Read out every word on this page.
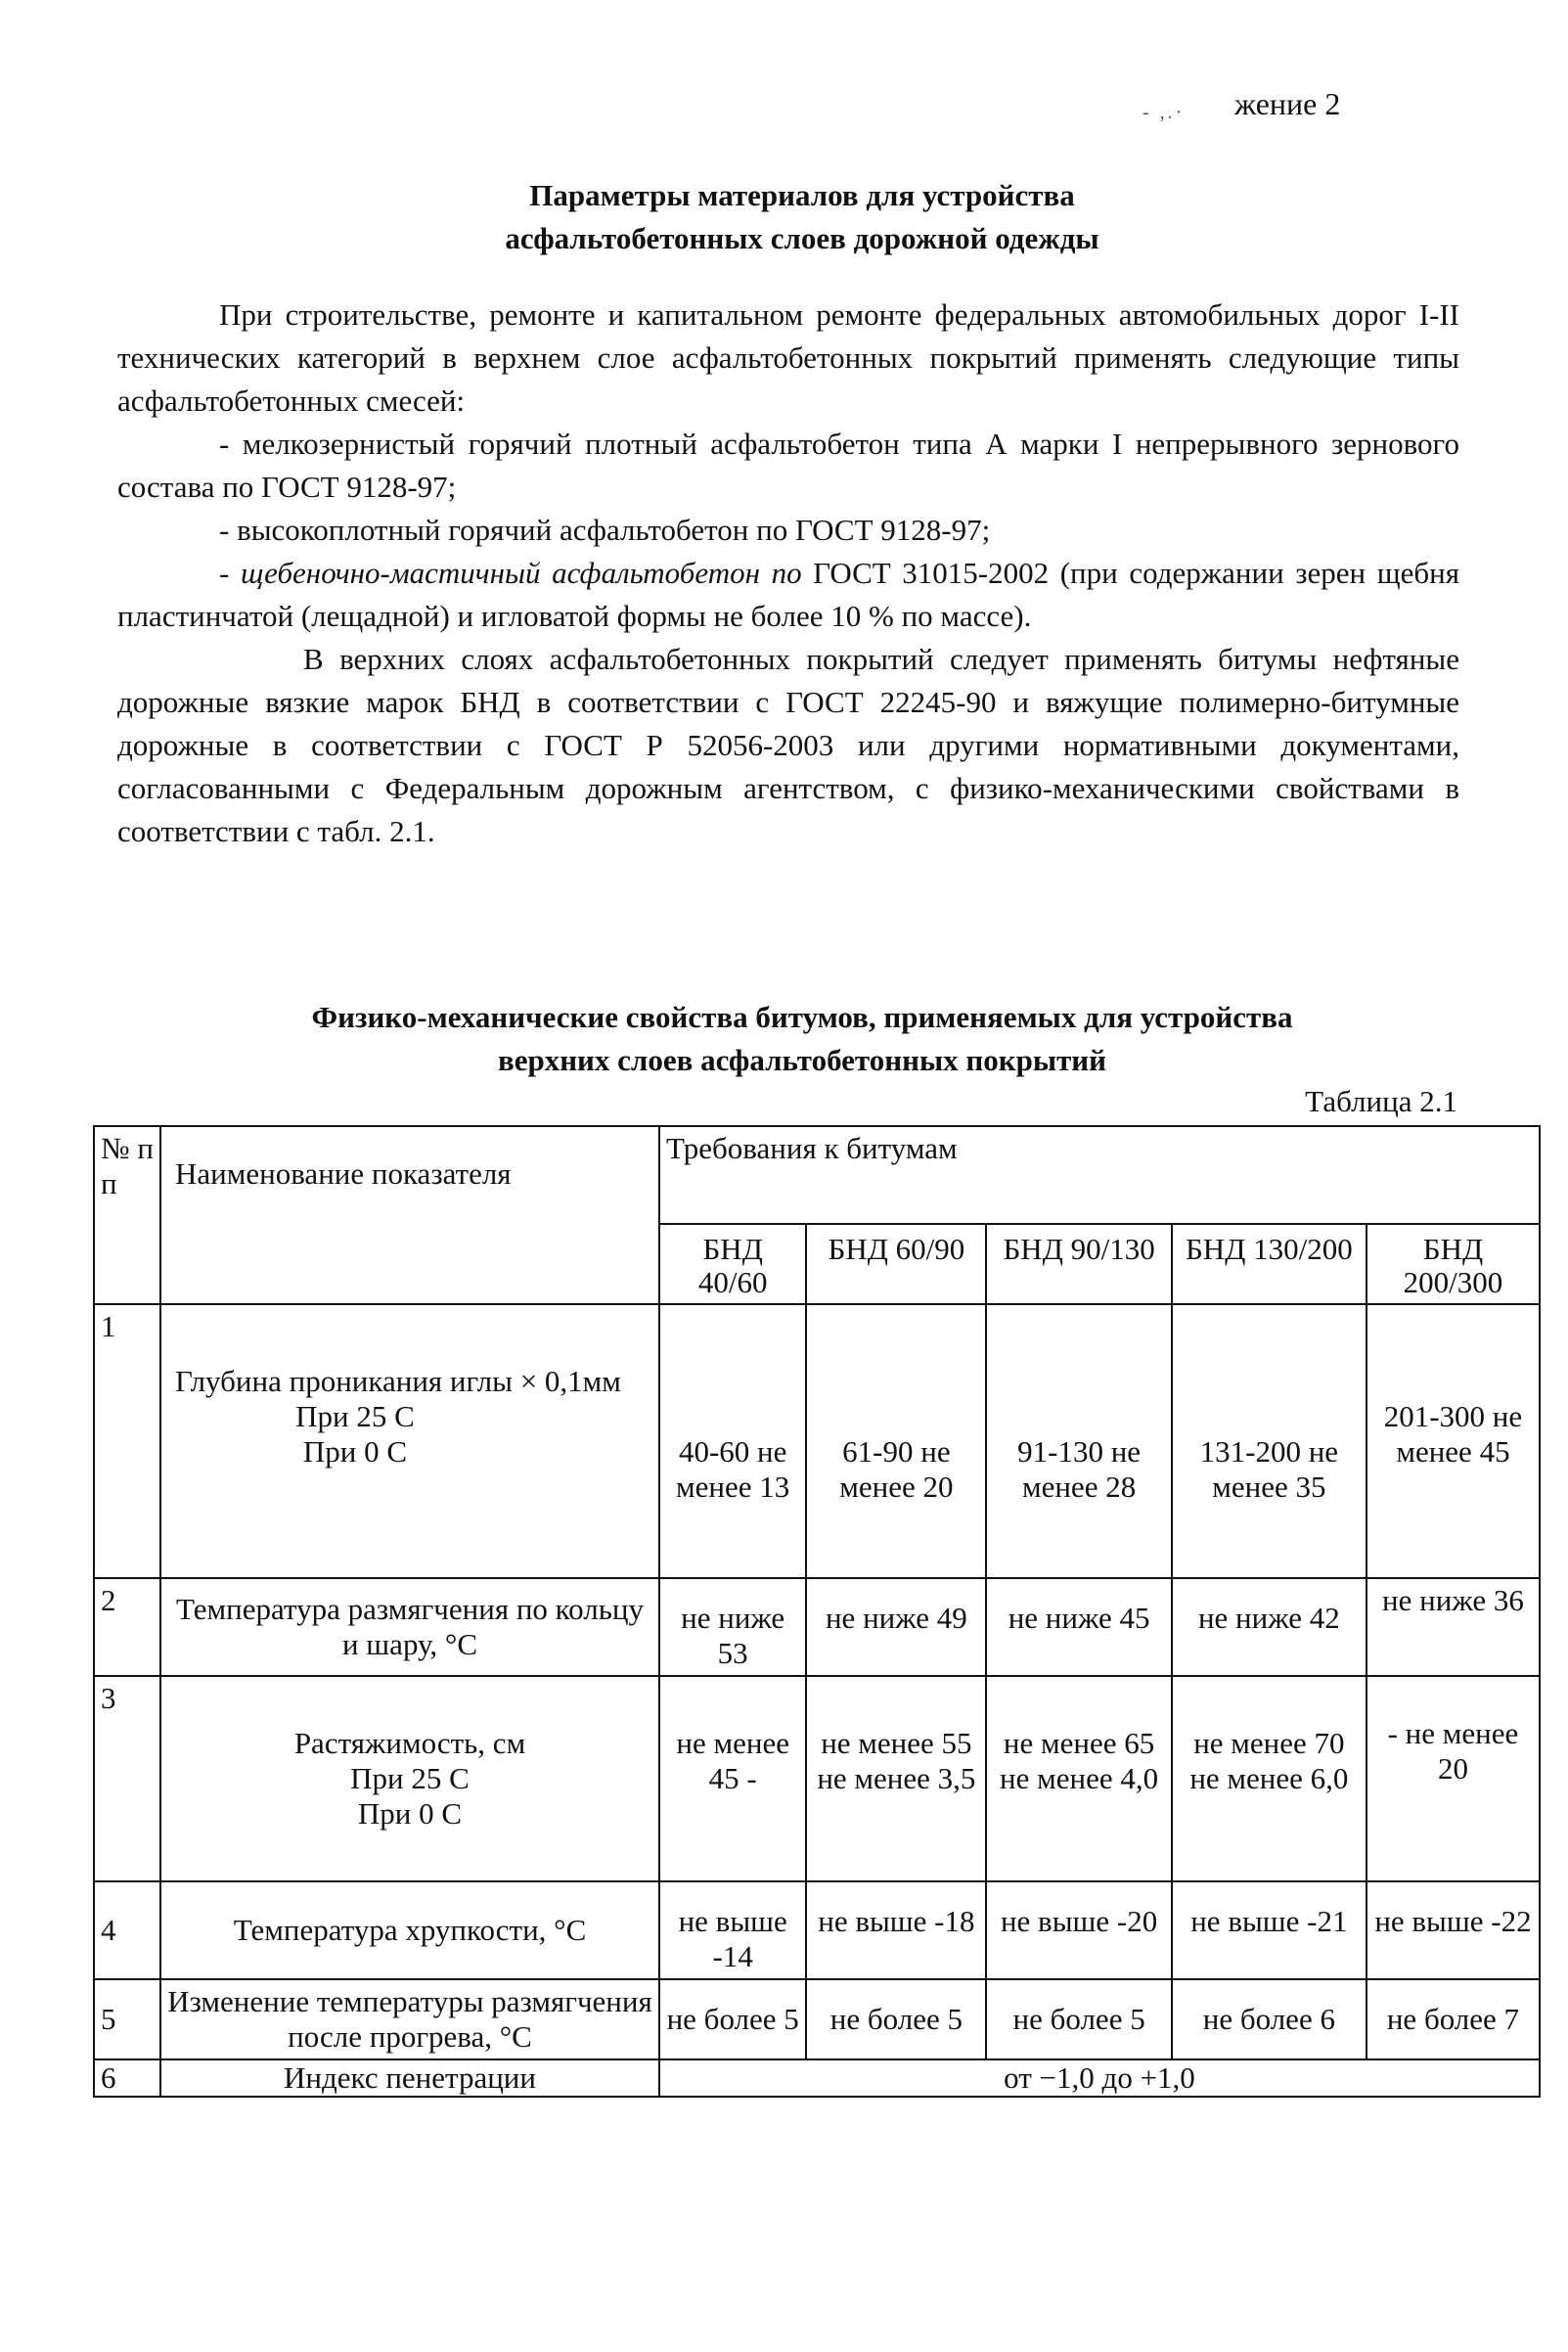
- ,.· жение 2
Параметры материалов для устройства
асфальтобетонных слоев дорожной одежды

При строительстве, ремонте и капитальном ремонте федеральных автомобильных дорог I-II технических категорий в верхнем слое асфальтобетонных покрытий применять следующие типы асфальтобетонных смесей:

- мелкозернистый горячий плотный асфальтобетон типа А марки I непрерывного зернового состава по ГОСТ 9128-97;

- высокоплотный горячий асфальтобетон по ГОСТ 9128-97;

- щебеночно-мастичный асфальтобетон по ГОСТ 31015-2002 (при содержании зерен щебня пластинчатой (лещадной) и игловатой формы не более 10 % по массе).

В верхних слоях асфальтобетонных покрытий следует применять битумы нефтяные дорожные вязкие марок БНД в соответствии с ГОСТ 22245-90 и вяжущие полимерно-битумные дорожные в соответствии с ГОСТ Р 52056-2003 или другими нормативными документами, согласованными с Федеральным дорожным агентством, с физико-механическими свойствами в соответствии с табл. 2.1.

Физико-механические свойства битумов, применяемых для устройства
верхних слоев асфальтобетонных покрытий
Таблица 2.1
№ п п	Наименование показателя	Требования к битумам				
		БНД 40/60	БНД 60/90	БНД 90/130	БНД 130/200	БНД 200/300
1	Глубина проникания иглы × 0,1мм
При 25 С
При 0 С	40-60 не менее 13	61-90 не менее 20	91-130 не менее 28	131-200 не менее 35	201-300 не менее 45
2	Температура размягчения по кольцу и шару, °С	не ниже 53	не ниже 49	не ниже 45	не ниже 42	не ниже 36
3	Растяжимость, см
При 25 С
При 0 С	не менее 45 -	не менее 55 не менее 3,5	не менее 65 не менее 4,0	не менее 70 не менее 6,0	- не менее 20
4	Температура хрупкости, °С	не выше -14	не выше -18	не выше -20	не выше -21	не выше -22
5	Изменение температуры размягчения после прогрева, °С	не более 5	не более 5	не более 5	не более 6	не более 7
6	Индекс пенетрации	от −1,0 до +1,0				
